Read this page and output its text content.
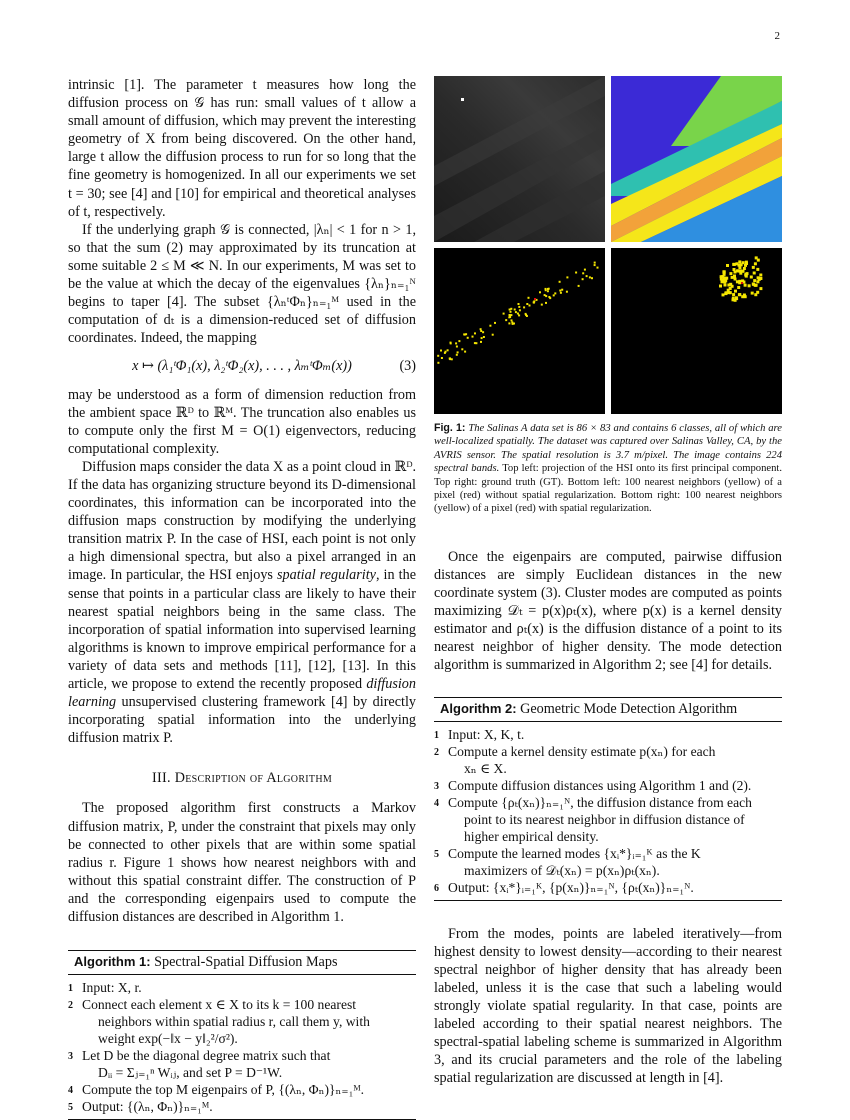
2

intrinsic [1]. The parameter t measures how long the diffusion process on 𝒢 has run: small values of t allow a small amount of diffusion, which may prevent the interesting geometry of X from being discovered. On the other hand, large t allow the diffusion process to run for so long that the fine geometry is homogenized. In all our experiments we set t = 30; see [4] and [10] for empirical and theoretical analyses of t, respectively.

If the underlying graph 𝒢 is connected, |λₙ| < 1 for n > 1, so that the sum (2) may approximated by its truncation at some suitable 2 ≤ M ≪ N. In our experiments, M was set to be the value at which the decay of the eigenvalues {λₙ}ₙ₌₁ᴺ begins to taper [4]. The subset {λₙᵗΦₙ}ₙ₌₁ᴹ used in the computation of dₜ is a dimension-reduced set of diffusion coordinates. Indeed, the mapping

x ↦ (λ₁ᵗΦ₁(x), λ₂ᵗΦ₂(x), . . . , λₘᵗΦₘ(x))	(3)

may be understood as a form of dimension reduction from the ambient space ℝᴰ to ℝᴹ. The truncation also enables us to compute only the first M = O(1) eigenvectors, reducing computational complexity.

Diffusion maps consider the data X as a point cloud in ℝᴰ. If the data has organizing structure beyond its D-dimensional coordinates, this information can be incorporated into the diffusion maps construction by modifying the underlying transition matrix P. In the case of HSI, each point is not only a high dimensional spectra, but also a pixel arranged in an image. In particular, the HSI enjoys spatial regularity, in the sense that points in a particular class are likely to have their nearest spatial neighbors being in the same class. The incorporation of spatial information into supervised learning algorithms is known to improve empirical performance for a variety of data sets and methods [11], [12], [13]. In this article, we propose to extend the recently proposed diffusion learning unsupervised clustering framework [4] by directly incorporating spatial information into the underlying diffusion matrix P.

III. Description of Algorithm

The proposed algorithm first constructs a Markov diffusion matrix, P, under the constraint that pixels may only be connected to other pixels that are within some spatial radius r. Figure 1 shows how nearest neighbors with and without this spatial constraint differ. The construction of P and the corresponding eigenpairs used to compute the diffusion distances are described in Algorithm 1.

Algorithm 1: Spectral-Spatial Diffusion Maps
1 Input: X, r.
2 Connect each element x ∈ X to its k = 100 nearest
neighbors within spatial radius r, call them y, with
weight exp(−‖x − y‖₂²/σ²).
3 Let D be the diagonal degree matrix such that
Dᵢᵢ = Σⱼ₌₁ⁿ Wᵢⱼ, and set P = D⁻¹W.
4 Compute the top M eigenpairs of P, {(λₙ, Φₙ)}ₙ₌₁ᴹ.
5 Output: {(λₙ, Φₙ)}ₙ₌₁ᴹ.
Fig. 1: The Salinas A data set is 86 × 83 and contains 6 classes, all of which are well-localized spatially. The dataset was captured over Salinas Valley, CA, by the AVRIS sensor. The spatial resolution is 3.7 m/pixel. The image contains 224 spectral bands. Top left: projection of the HSI onto its first principal component. Top right: ground truth (GT). Bottom left: 100 nearest neighbors (yellow) of a pixel (red) without spatial regularization. Bottom right: 100 nearest neighbors (yellow) of a pixel (red) with spatial regularization.

Once the eigenpairs are computed, pairwise diffusion distances are simply Euclidean distances in the new coordinate system (3). Cluster modes are computed as points maximizing 𝒟ₜ = p(x)ρₜ(x), where p(x) is a kernel density estimator and ρₜ(x) is the diffusion distance of a point to its nearest neighbor of higher density. The mode detection algorithm is summarized in Algorithm 2; see [4] for details.

Algorithm 2: Geometric Mode Detection Algorithm
1 Input: X, K, t.
2 Compute a kernel density estimate p(xₙ) for each
xₙ ∈ X.
3 Compute diffusion distances using Algorithm 1 and (2).
4 Compute {ρₜ(xₙ)}ₙ₌₁ᴺ, the diffusion distance from each
point to its nearest neighbor in diffusion distance of
higher empirical density.
5 Compute the learned modes {xᵢ*}ᵢ₌₁ᴷ as the K
maximizers of 𝒟ₜ(xₙ) = p(xₙ)ρₜ(xₙ).
6 Output: {xᵢ*}ᵢ₌₁ᴷ, {p(xₙ)}ₙ₌₁ᴺ, {ρₜ(xₙ)}ₙ₌₁ᴺ.

From the modes, points are labeled iteratively—from highest density to lowest density—according to their nearest spectral neighbor of higher density that has already been labeled, unless it is the case that such a labeling would strongly violate spatial regularity. In that case, points are labeled according to their spatial nearest neighbors. The spectral-spatial labeling scheme is summarized in Algorithm 3, and its crucial parameters and the role of the labeling spatial regularization are discussed at length in [4].
